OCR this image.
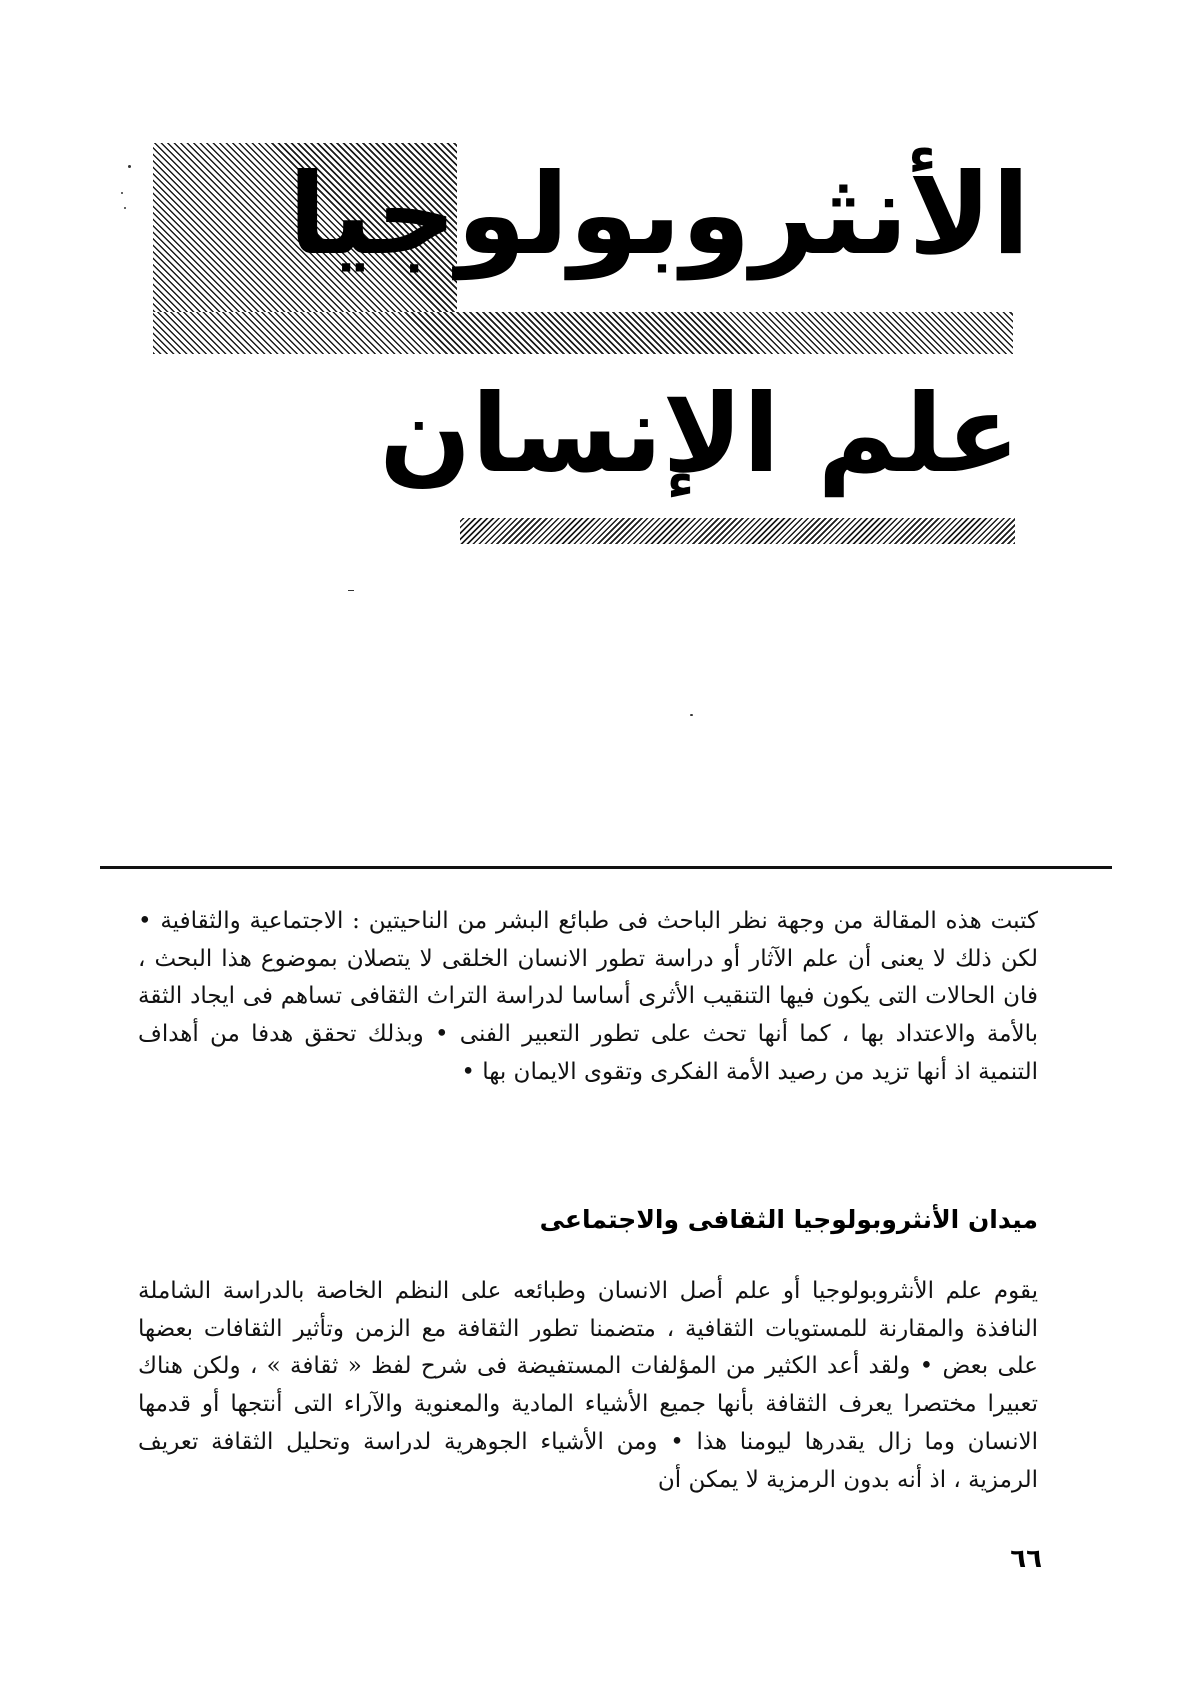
الأنثروبولوجيا
علم الإنسان
كتبت هذه المقالة من وجهة نظر الباحث فى طبائع البشر من الناحيتين : الاجتماعية والثقافية • لكن ذلك لا يعنى أن علم الآثار أو دراسة تطور الانسان الخلقى لا يتصلان بموضوع هذا البحث ، فان الحالات التى يكون فيها التنقيب الأثرى أساسا لدراسة التراث الثقافى تساهم فى ايجاد الثقة بالأمة والاعتداد بها ، كما أنها تحث على تطور التعبير الفنى • وبذلك تحقق هدفا من أهداف التنمية اذ أنها تزيد من رصيد الأمة الفكرى وتقوى الايمان بها •
ميدان الأنثروبولوجيا الثقافى والاجتماعى
يقوم علم الأنثروبولوجيا أو علم أصل الانسان وطبائعه على النظم الخاصة بالدراسة الشاملة النافذة والمقارنة للمستويات الثقافية ، متضمنا تطور الثقافة مع الزمن وتأثير الثقافات بعضها على بعض • ولقد أعد الكثير من المؤلفات المستفيضة فى شرح لفظ « ثقافة » ، ولكن هناك تعبيرا مختصرا يعرف الثقافة بأنها جميع الأشياء المادية والمعنوية والآراء التى أنتجها أو قدمها الانسان وما زال يقدرها ليومنا هذا • ومن الأشياء الجوهرية لدراسة وتحليل الثقافة تعريف الرمزية ، اذ أنه بدون الرمزية لا يمكن أن
٦٦
